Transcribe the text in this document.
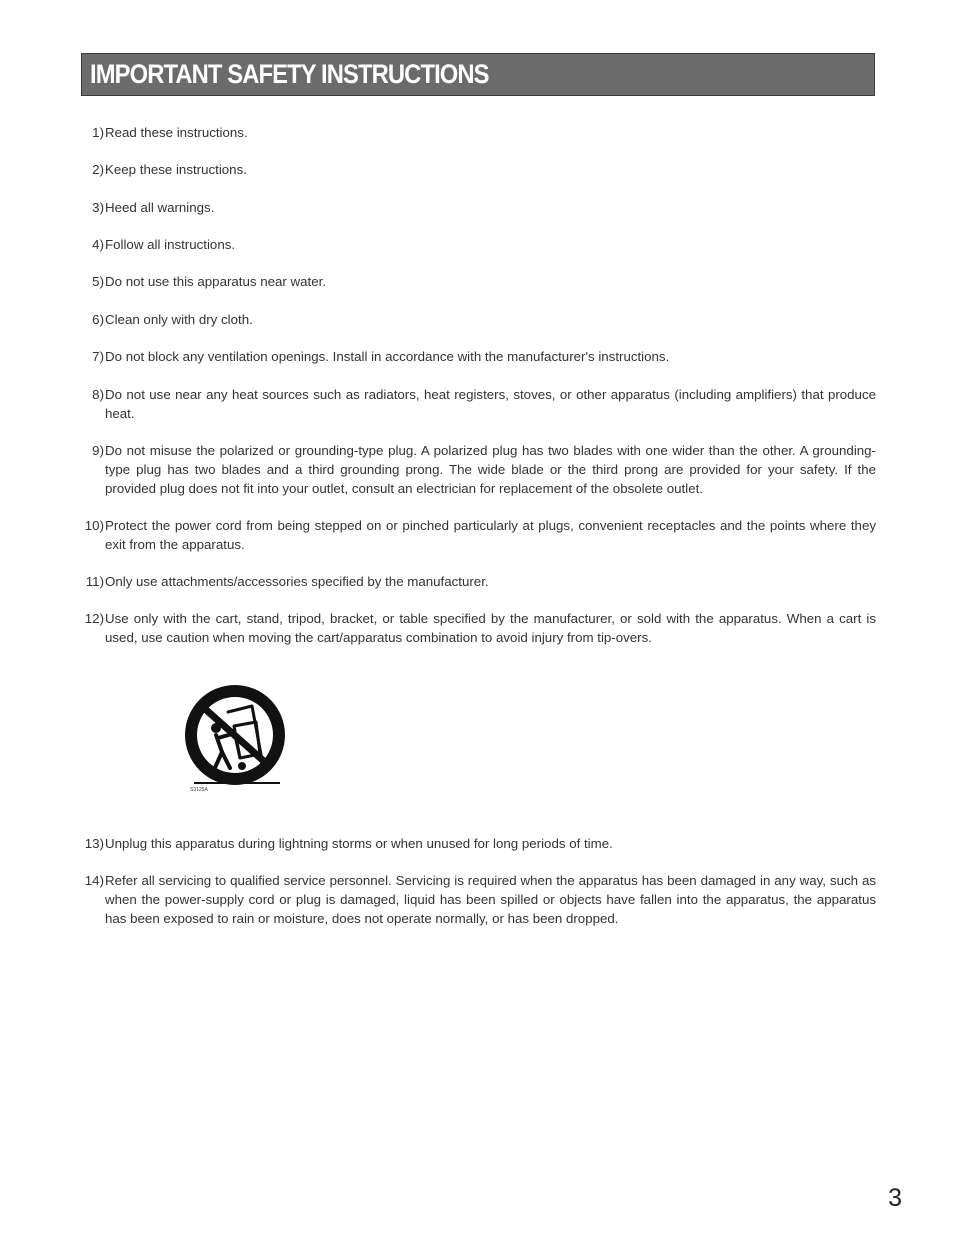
IMPORTANT SAFETY INSTRUCTIONS
1) Read these instructions.
2) Keep these instructions.
3) Heed all warnings.
4) Follow all instructions.
5) Do not use this apparatus near water.
6) Clean only with dry cloth.
7) Do not block any ventilation openings. Install in accordance with the manufacturer's instructions.
8) Do not use near any heat sources such as radiators, heat registers, stoves, or other apparatus (including amplifiers) that produce heat.
9) Do not misuse the polarized or grounding-type plug. A polarized plug has two blades with one wider than the other. A grounding-type plug has two blades and a third grounding prong. The wide blade or the third prong are provided for your safety. If the provided plug does not fit into your outlet, consult an electrician for replacement of the obsolete outlet.
10) Protect the power cord from being stepped on or pinched particularly at plugs, convenient receptacles and the points where they exit from the apparatus.
11) Only use attachments/accessories specified by the manufacturer.
12) Use only with the cart, stand, tripod, bracket, or table specified by the manufacturer, or sold with the apparatus. When a cart is used, use caution when moving the cart/apparatus combination to avoid injury from tip-overs.
S3125A
13) Unplug this apparatus during lightning storms or when unused for long periods of time.
14) Refer all servicing to qualified service personnel. Servicing is required when the apparatus has been damaged in any way, such as when the power-supply cord or plug is damaged, liquid has been spilled or objects have fallen into the apparatus, the apparatus has been exposed to rain or moisture, does not operate normally, or has been dropped.
3
